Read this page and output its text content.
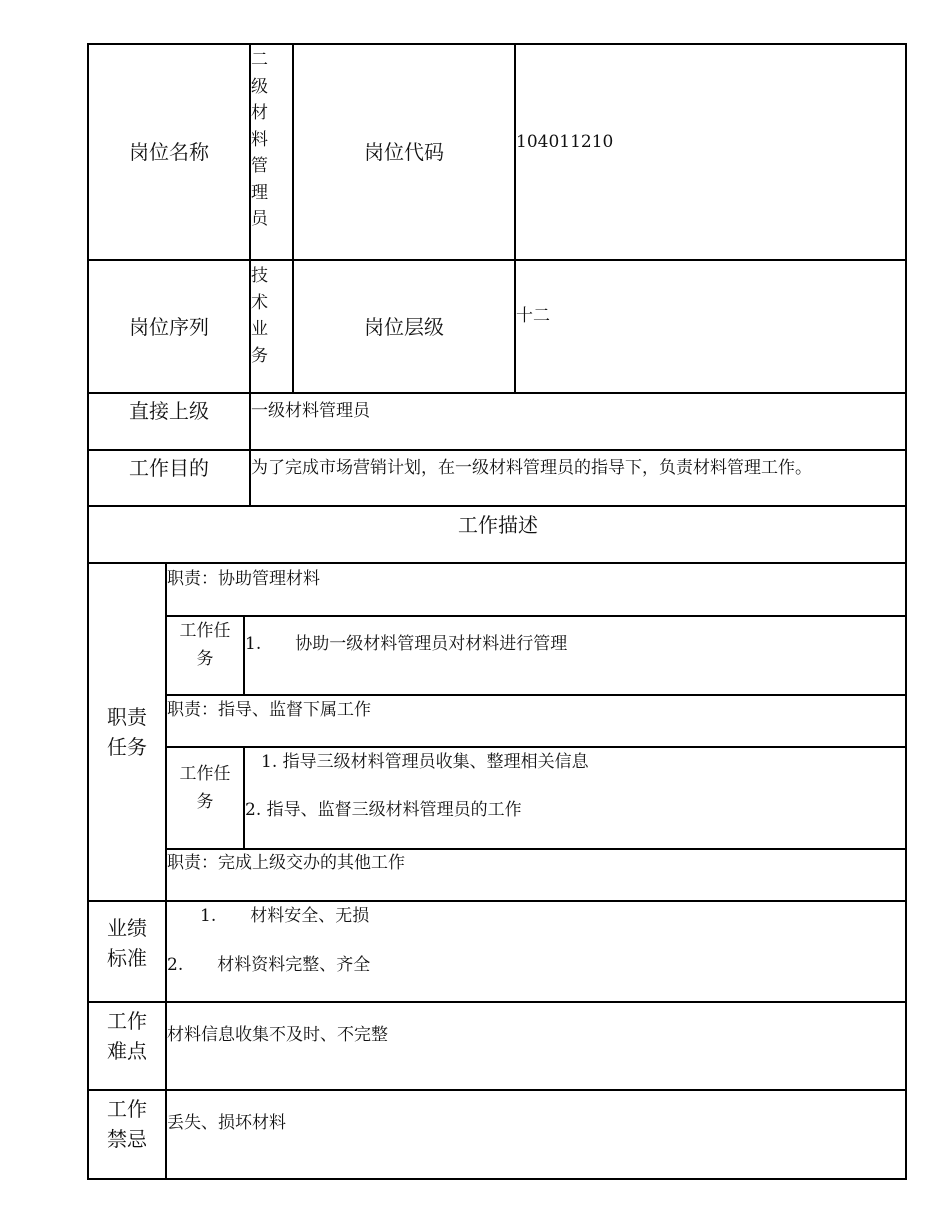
岗位名称
二级材料管理员
岗位代码	104011210
岗位序列
技术业务
岗位层级	十二
直接上级 一级材料管理员
工作目的 为了完成市场营销计划，在一级材料管理员的指导下，负责材料管理工作。
工作描述
职责任务
职责：协助管理材料
工作任务
1.　　协助一级材料管理员对材料进行管理
职责：指导、监督下属工作
工作任务
1. 指导三级材料管理员收集、整理相关信息
2. 指导、监督三级材料管理员的工作
职责：完成上级交办的其他工作
业绩标准
1.　　材料安全、无损
2.　　材料资料完整、齐全
工作难点
材料信息收集不及时、不完整
工作禁忌
丢失、损坏材料
